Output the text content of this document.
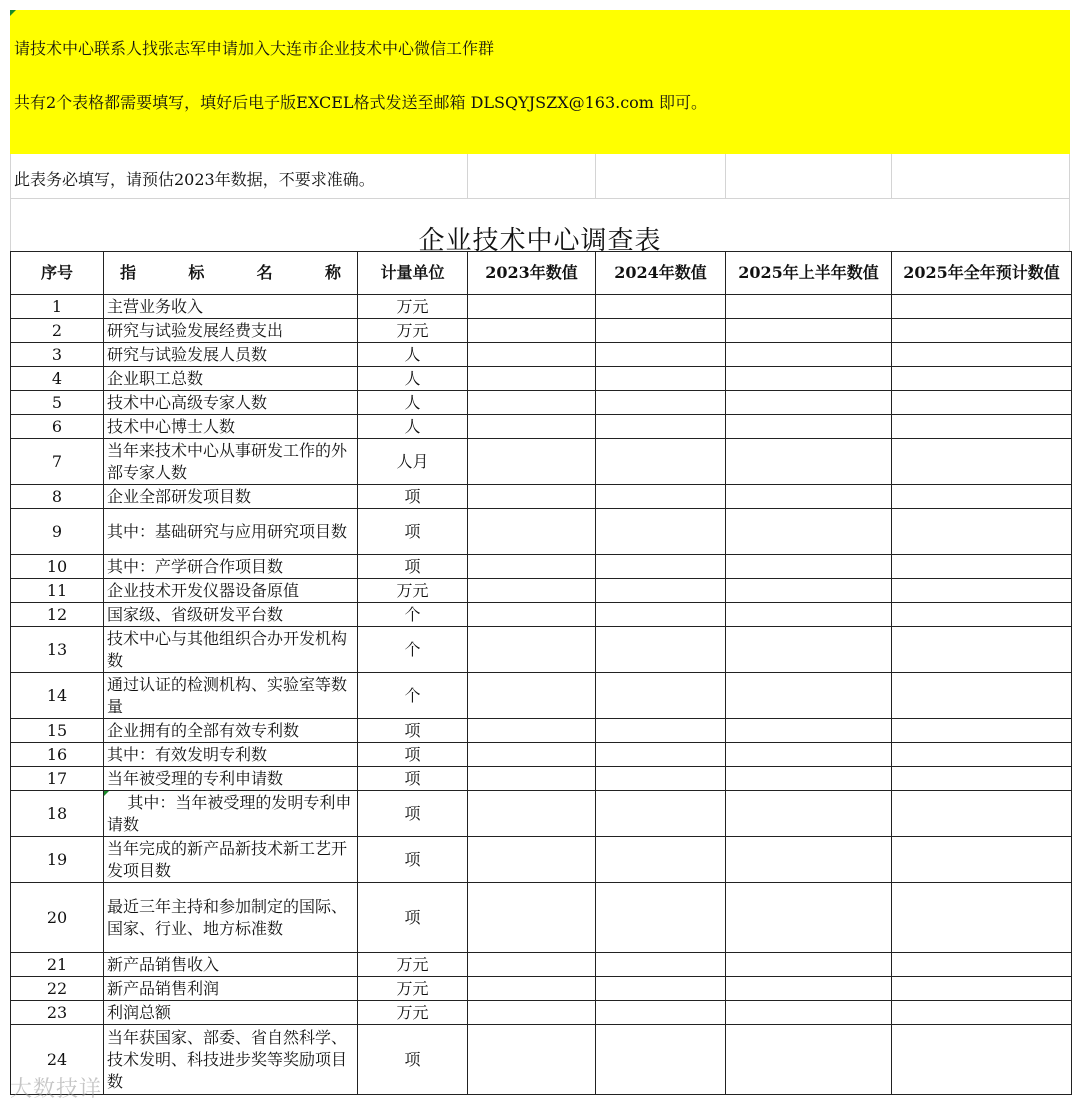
请技术中心联系人找张志军申请加入大连市企业技术中心微信工作群
共有2个表格都需要填写，填好后电子版EXCEL格式发送至邮箱 DLSQYJSZX@163.com 即可。
此表务必填写，请预估2023年数据，不要求准确。
企业技术中心调查表
序号	指 标 名 称	计量单位	2023年数值	2024年数值	2025年上半年数值	2025年全年预计数值
1	主营业务收入	万元				
2	研究与试验发展经费支出	万元				
3	研究与试验发展人员数	人				
4	企业职工总数	人				
5	技术中心高级专家人数	人				
6	技术中心博士人数	人				
7	当年来技术中心从事研发工作的外部专家人数	人月				
8	企业全部研发项目数	项				
9	其中：基础研究与应用研究项目数	项				
10	其中：产学研合作项目数	项				
11	企业技术开发仪器设备原值	万元				
12	国家级、省级研发平台数	个				
13	技术中心与其他组织合办开发机构数	个				
14	通过认证的检测机构、实验室等数量	个				
15	企业拥有的全部有效专利数	项				
16	其中：有效发明专利数	项				
17	当年被受理的专利申请数	项				
18	其中：当年被受理的发明专利申请数	项				
19	当年完成的新产品新技术新工艺开发项目数	项				
20	最近三年主持和参加制定的国际、国家、行业、地方标准数	项				
21	新产品销售收入	万元				
22	新产品销售利润	万元				
23	利润总额	万元				
24	当年获国家、部委、省自然科学、技术发明、科技进步奖等奖励项目数	项				
大数技详
